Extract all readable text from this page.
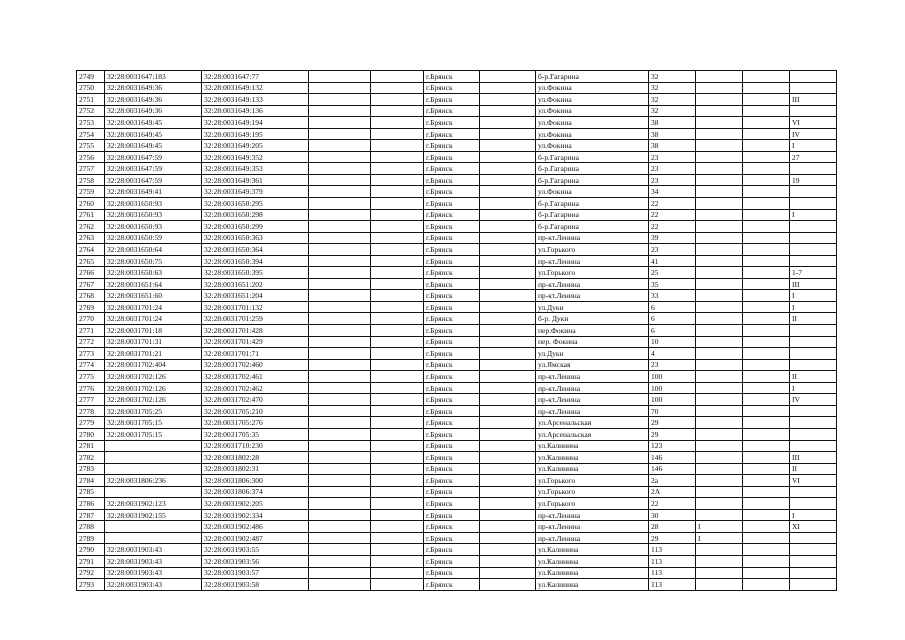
2749	32:28:0031647:183	32:28:0031647:77			г.Брянск		б-р.Гагарина	32			
2750	32:28:0031649:36	32:28:0031649:132			г.Брянск		ул.Фокина	32			
2751	32:28:0031649:36	32:28:0031649:133			г.Брянск		ул.Фокина	32			III
2752	32:28:0031649:36	32:28:0031649:136			г.Брянск		ул.Фокина	32			
2753	32:28:0031649:45	32:28:0031649:194			г.Брянск		ул.Фокина	38			VI
2754	32:28:0031649:45	32:28:0031649:195			г.Брянск		ул.Фокина	38			IV
2755	32:28:0031649:45	32:28:0031649:205			г.Брянск		ул.Фокина	38			I
2756	32:28:0031647:59	32:28:0031649:352			г.Брянск		б-р.Гагарина	23			27
2757	32:28:0031647:59	32:28:0031649:353			г.Брянск		б-р.Гагарина	23			
2758	32:28:0031647:59	32:28:0031649:361			г.Брянск		б-р.Гагарина	23			19
2759	32:28:0031649:41	32:28:0031649:379			г.Брянск		ул.Фокина	34			
2760	32:28:0031650:93	32:28:0031650:295			г.Брянск		б-р.Гагарина	22			
2761	32:28:0031650:93	32:28:0031650:298			г.Брянск		б-р.Гагарина	22			I
2762	32:28:0031650:93	32:28:0031650:299			г.Брянск		б-р.Гагарина	22			
2763	32:28:0031650:59	32:28:0031650:363			г.Брянск		пр-кт.Ленина	39			
2764	32:28:0031650:64	32:28:0031650:364			г.Брянск		ул.Горького	23			
2765	32:28:0031650:75	32:28:0031650:394			г.Брянск		пр-кт.Ленина	41			
2766	32:28:0031650:63	32:28:0031650:395			г.Брянск		ул.Горького	25			1-7
2767	32:28:0031651:64	32:28:0031651:202			г.Брянск		пр-кт.Ленина	35			III
2768	32:28:0031651:60	32:28:0031651:204			г.Брянск		пр-кт.Ленина	33			I
2769	32:28:0031701:24	32:28:0031701:132			г.Брянск		ул.Дуки	6			I
2770	32:28:0031701:24	32:28:0031701:259			г.Брянск		б-р. Дуки	6			II
2771	32:28:0031701:18	32:28:0031701:428			г.Брянск		пер.Фокина	6			
2772	32:28:0031701:31	32:28:0031701:429			г.Брянск		пер. Фокина	10			
2773	32:28:0031701:21	32:28:0031701:71			г.Брянск		ул.Дуки	4			
2774	32:28:0031702:404	32:28:0031702:460			г.Брянск		ул.Ямская	23			
2775	32:28:0031702:126	32:28:0031702:461			г.Брянск		пр-кт.Ленина	100			II
2776	32:28:0031702:126	32:28:0031702:462			г.Брянск		пр-кт.Ленина	100			I
2777	32:28:0031702:126	32:28:0031702:470			г.Брянск		пр-кт.Ленина	100			IV
2778	32:28:0031705:25	32:28:0031705:210			г.Брянск		пр-кт.Ленина	70			
2779	32:28:0031705:15	32:28:0031705:276			г.Брянск		ул.Арсенальская	29			
2780	32:28:0031705:15	32:28:0031705:35			г.Брянск		ул.Арсенальская	29			
2781		32:28:0031710:230			г.Брянск		ул.Калинина	123			
2782		32:28:0031802:28			г.Брянск		ул.Калинина	146			III
2783		32:28:0031802:31			г.Брянск		ул.Калинина	146			II
2784	32:28:0031806:236	32:28:0031806:300			г.Брянск		ул.Горького	2а			VI
2785		32:28:0031806:374			г.Брянск		ул.Горького	2А			
2786	32:28:0031902:123	32:28:0031902:205			г.Брянск		ул.Горького	22			
2787	32:28:0031902:155	32:28:0031902:334			г.Брянск		пр-кт.Ленина	30			I
2788		32:28:0031902:486			г.Брянск		пр-кт.Ленина	28	I		XI
2789		32:28:0031902:487			г.Брянск		пр-кт.Ленина	29	I		
2790	32:28:0031903:43	32:28:0031903:55			г.Брянск		ул.Калинина	113			
2791	32:28:0031903:43	32:28:0031903:56			г.Брянск		ул.Калинина	113			
2792	32:28:0031903:43	32:28:0031903:57			г.Брянск		ул.Калинина	113			
2793	32:28:0031903:43	32:28:0031903:58			г.Брянск		ул.Калинина	113			
